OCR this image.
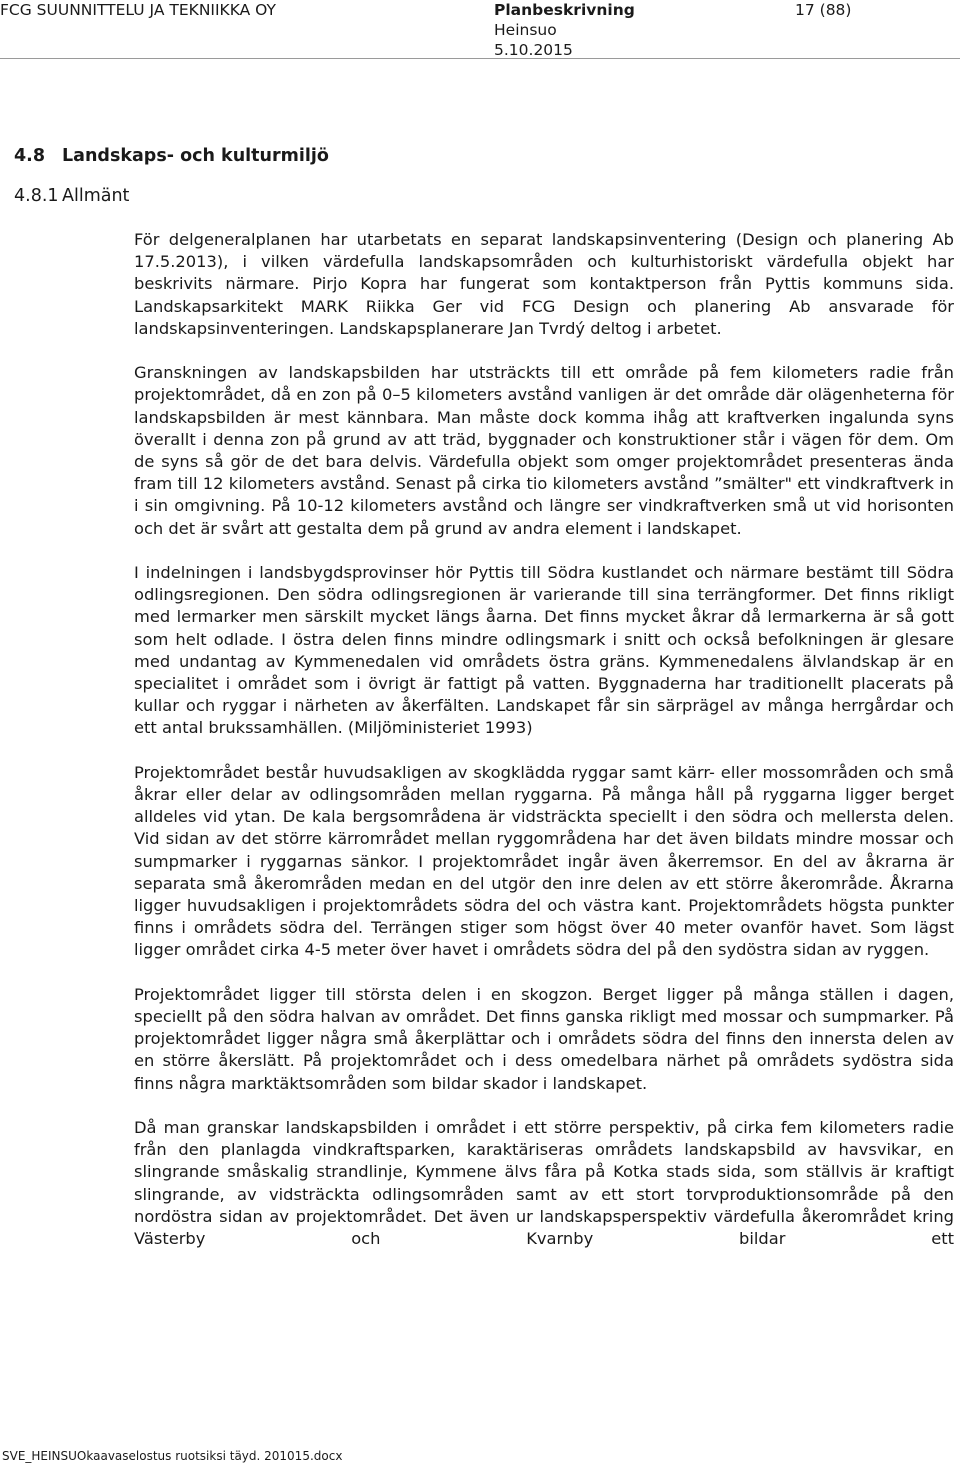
FCG SUUNNITTELU JA TEKNIIKKA OY	Planbeskrivning
Heinsuo
5.10.2015
17 (88)
4.8 Landskaps- och kulturmiljö
4.8.1 Allmänt

För delgeneralplanen har utarbetats en separat landskapsinventering (Design och planering Ab 17.5.2013), i vilken värdefulla landskapsområden och kulturhistoriskt värdefulla objekt har beskrivits närmare. Pirjo Kopra har fungerat som kontaktperson från Pyttis kommuns sida. Landskapsarkitekt MARK Riikka Ger vid FCG Design och planering Ab ansvarade för landskapsinventeringen. Landskapsplanerare Jan Tvrdý deltog i arbetet.

Granskningen av landskapsbilden har utsträckts till ett område på fem kilometers radie från projektområdet, då en zon på 0–5 kilometers avstånd vanligen är det område där olägenheterna för landskapsbilden är mest kännbara. Man måste dock komma ihåg att kraftverken ingalunda syns överallt i denna zon på grund av att träd, byggnader och konstruktioner står i vägen för dem. Om de syns så gör de det bara delvis. Värdefulla objekt som omger projektområdet presenteras ända fram till 12 kilometers avstånd. Senast på cirka tio kilometers avstånd ”smälter" ett vindkraftverk in i sin omgivning. På 10-12 kilometers avstånd och längre ser vindkraftverken små ut vid horisonten och det är svårt att gestalta dem på grund av andra element i landskapet.

I indelningen i landsbygdsprovinser hör Pyttis till Södra kustlandet och närmare bestämt till Södra odlingsregionen. Den södra odlingsregionen är varierande till sina terrängformer. Det finns rikligt med lermarker men särskilt mycket längs åarna. Det finns mycket åkrar då lermarkerna är så gott som helt odlade. I östra delen finns mindre odlingsmark i snitt och också befolkningen är glesare med undantag av Kymmenedalen vid områdets östra gräns. Kymmenedalens älvlandskap är en specialitet i området som i övrigt är fattigt på vatten. Byggnaderna har traditionellt placerats på kullar och ryggar i närheten av åkerfälten. Landskapet får sin särprägel av många herrgårdar och ett antal brukssamhällen. (Miljöministeriet 1993)

Projektområdet består huvudsakligen av skogklädda ryggar samt kärr- eller mossområden och små åkrar eller delar av odlingsområden mellan ryggarna. På många håll på ryggarna ligger berget alldeles vid ytan. De kala bergsområdena är vidsträckta speciellt i den södra och mellersta delen. Vid sidan av det större kärrområdet mellan ryggområdena har det även bildats mindre mossar och sumpmarker i ryggarnas sänkor. I projektområdet ingår även åkerremsor. En del av åkrarna är separata små åkerområden medan en del utgör den inre delen av ett större åkerområde. Åkrarna ligger huvudsakligen i projektområdets södra del och västra kant. Projektområdets högsta punkter finns i områdets södra del. Terrängen stiger som högst över 40 meter ovanför havet. Som lägst ligger området cirka 4-5 meter över havet i områdets södra del på den sydöstra sidan av ryggen.

Projektområdet ligger till största delen i en skogzon. Berget ligger på många ställen i dagen, speciellt på den södra halvan av området. Det finns ganska rikligt med mossar och sumpmarker. På projektområdet ligger några små åkerplättar och i områdets södra del finns den innersta delen av en större åkerslätt. På projektområdet och i dess omedelbara närhet på områdets sydöstra sida finns några marktäktsområden som bildar skador i landskapet.

Då man granskar landskapsbilden i området i ett större perspektiv, på cirka fem kilometers radie från den planlagda vindkraftsparken, karaktäriseras områdets landskapsbild av havsvikar, en slingrande småskalig strandlinje, Kymmene älvs fåra på Kotka stads sida, som ställvis är kraftigt slingrande, av vidsträckta odlingsområden samt av ett stort torvproduktionsområde på den nordöstra sidan av projektområdet. Det även ur landskapsperspektiv värdefulla åkerområdet kring Västerby och Kvarnby bildar ett

SVE_HEINSUOkaavaselostus ruotsiksi täyd. 201015.docx
